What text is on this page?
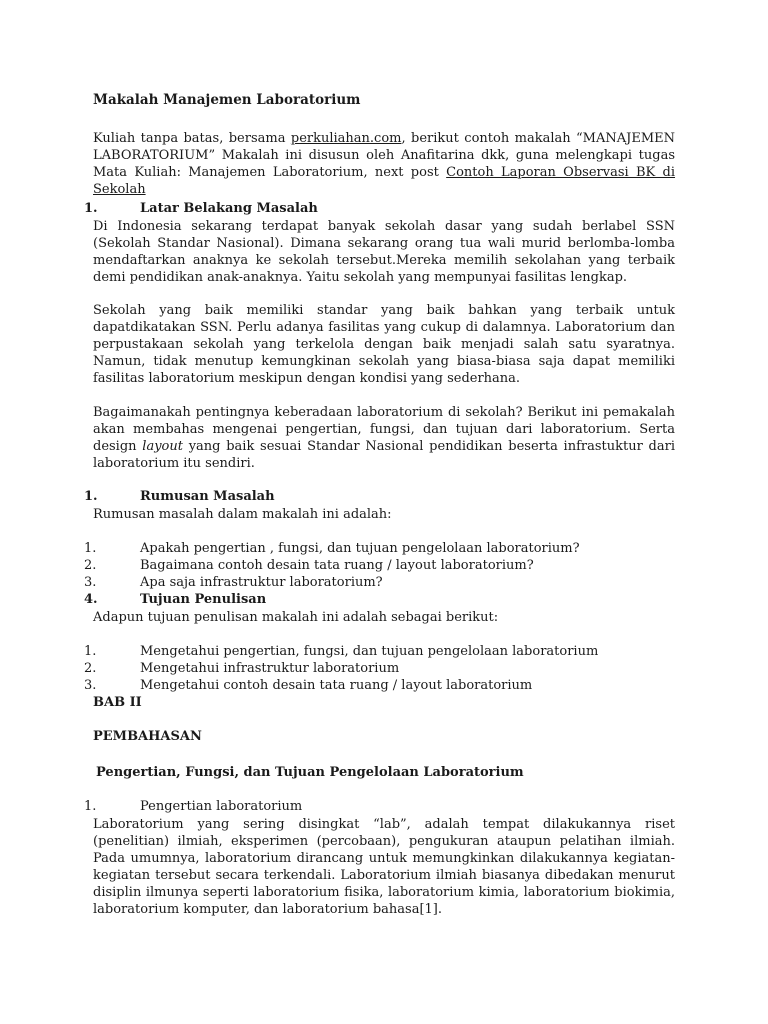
Makalah Manajemen Laboratorium
Kuliah tanpa batas, bersama perkuliahan.com, berikut contoh makalah “MANAJEMEN LABORATORIUM” Makalah ini disusun oleh Anafitarina dkk, guna melengkapi tugas Mata Kuliah: Manajemen Laboratorium, next post Contoh Laporan Observasi BK di Sekolah
1.	Latar Belakang Masalah
Di Indonesia sekarang terdapat banyak sekolah dasar yang sudah berlabel SSN (Sekolah Standar Nasional). Dimana sekarang orang tua wali murid berlomba-lomba mendaftarkan anaknya ke sekolah tersebut.Mereka memilih sekolahan yang terbaik demi pendidikan anak-anaknya. Yaitu sekolah yang mempunyai fasilitas lengkap.
Sekolah yang baik memiliki standar yang baik bahkan yang terbaik untuk dapatdikatakan SSN. Perlu adanya fasilitas yang cukup di dalamnya. Laboratorium dan perpustakaan sekolah yang terkelola dengan baik menjadi salah satu syaratnya. Namun, tidak menutup kemungkinan sekolah yang biasa-biasa saja dapat memiliki fasilitas laboratorium meskipun dengan kondisi yang sederhana.
Bagaimanakah pentingnya keberadaan laboratorium di sekolah? Berikut ini pemakalah akan membahas mengenai pengertian, fungsi, dan tujuan dari laboratorium. Serta design layout yang baik sesuai Standar Nasional pendidikan beserta infrastuktur dari laboratorium itu sendiri.
1.	Rumusan Masalah
Rumusan masalah dalam makalah ini adalah:
1.	Apakah pengertian , fungsi, dan tujuan pengelolaan laboratorium?
2.	Bagaimana contoh desain tata ruang / layout laboratorium?
3.	Apa saja infrastruktur laboratorium?
4.	Tujuan Penulisan
Adapun tujuan penulisan makalah ini adalah sebagai berikut:
1.	Mengetahui pengertian, fungsi, dan tujuan pengelolaan laboratorium
2.	Mengetahui infrastruktur laboratorium
3.	Mengetahui contoh desain tata ruang / layout laboratorium
BAB II
PEMBAHASAN
Pengertian, Fungsi, dan Tujuan Pengelolaan Laboratorium
1.	Pengertian laboratorium
Laboratorium yang sering disingkat “lab”, adalah tempat dilakukannya riset (penelitian) ilmiah, eksperimen (percobaan), pengukuran ataupun pelatihan ilmiah. Pada umumnya, laboratorium dirancang untuk memungkinkan dilakukannya kegiatan-kegiatan tersebut secara terkendali. Laboratorium ilmiah biasanya dibedakan menurut disiplin ilmunya seperti laboratorium fisika, laboratorium kimia, laboratorium biokimia, laboratorium komputer, dan laboratorium bahasa[1].
